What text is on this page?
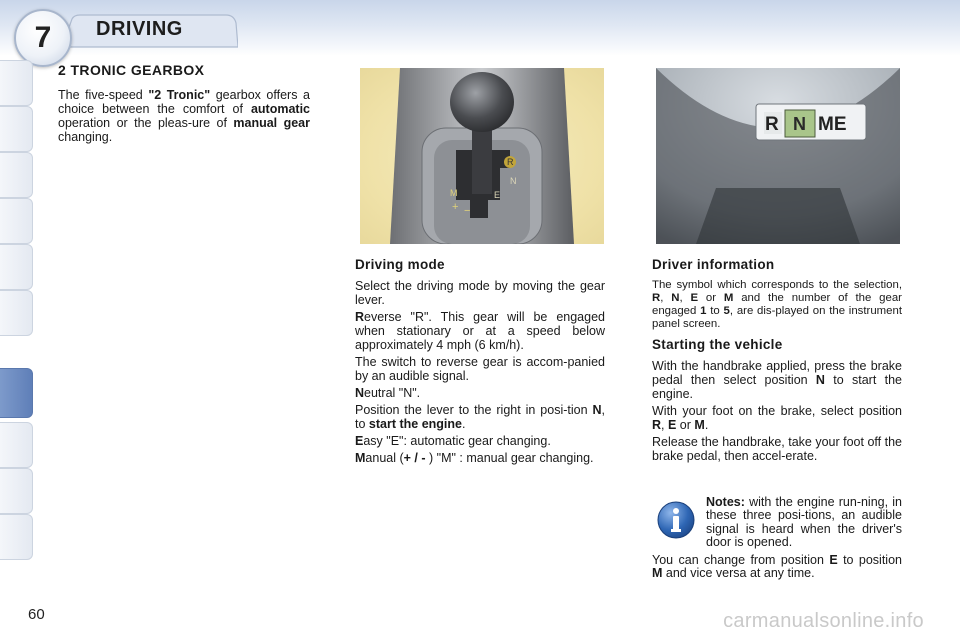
7	DRIVING
2 TRONIC GEARBOX
The five-speed "2 Tronic" gearbox offers a choice between the comfort of automatic operation or the pleas-ure of manual gear changing.
R
N
E
M
+ −
R N ME
Driving mode

Select the driving mode by moving the gear lever.

Reverse "R". This gear will be engaged when stationary or at a speed below approximately 4 mph (6 km/h).

The switch to reverse gear is accom-panied by an audible signal.

Neutral "N".

Position the lever to the right in posi-tion N, to start the engine.

Easy "E": automatic gear changing.

Manual (+ / - ) "M" : manual gear changing.

Driver information

The symbol which corresponds to the selection, R, N, E or M and the number of the gear engaged 1 to 5, are dis-played on the instrument panel screen.

Starting the vehicle

With the handbrake applied, press the brake pedal then select position N to start the engine.

With your foot on the brake, select position R, E or M.

Release the handbrake, take your foot off the brake pedal, then accel-erate.

Notes: with the engine run-ning, in these three posi-tions, an audible signal is heard when the driver's door is opened.

You can change from position E to position M and vice versa at any time.

60	carmanualsonline.info
